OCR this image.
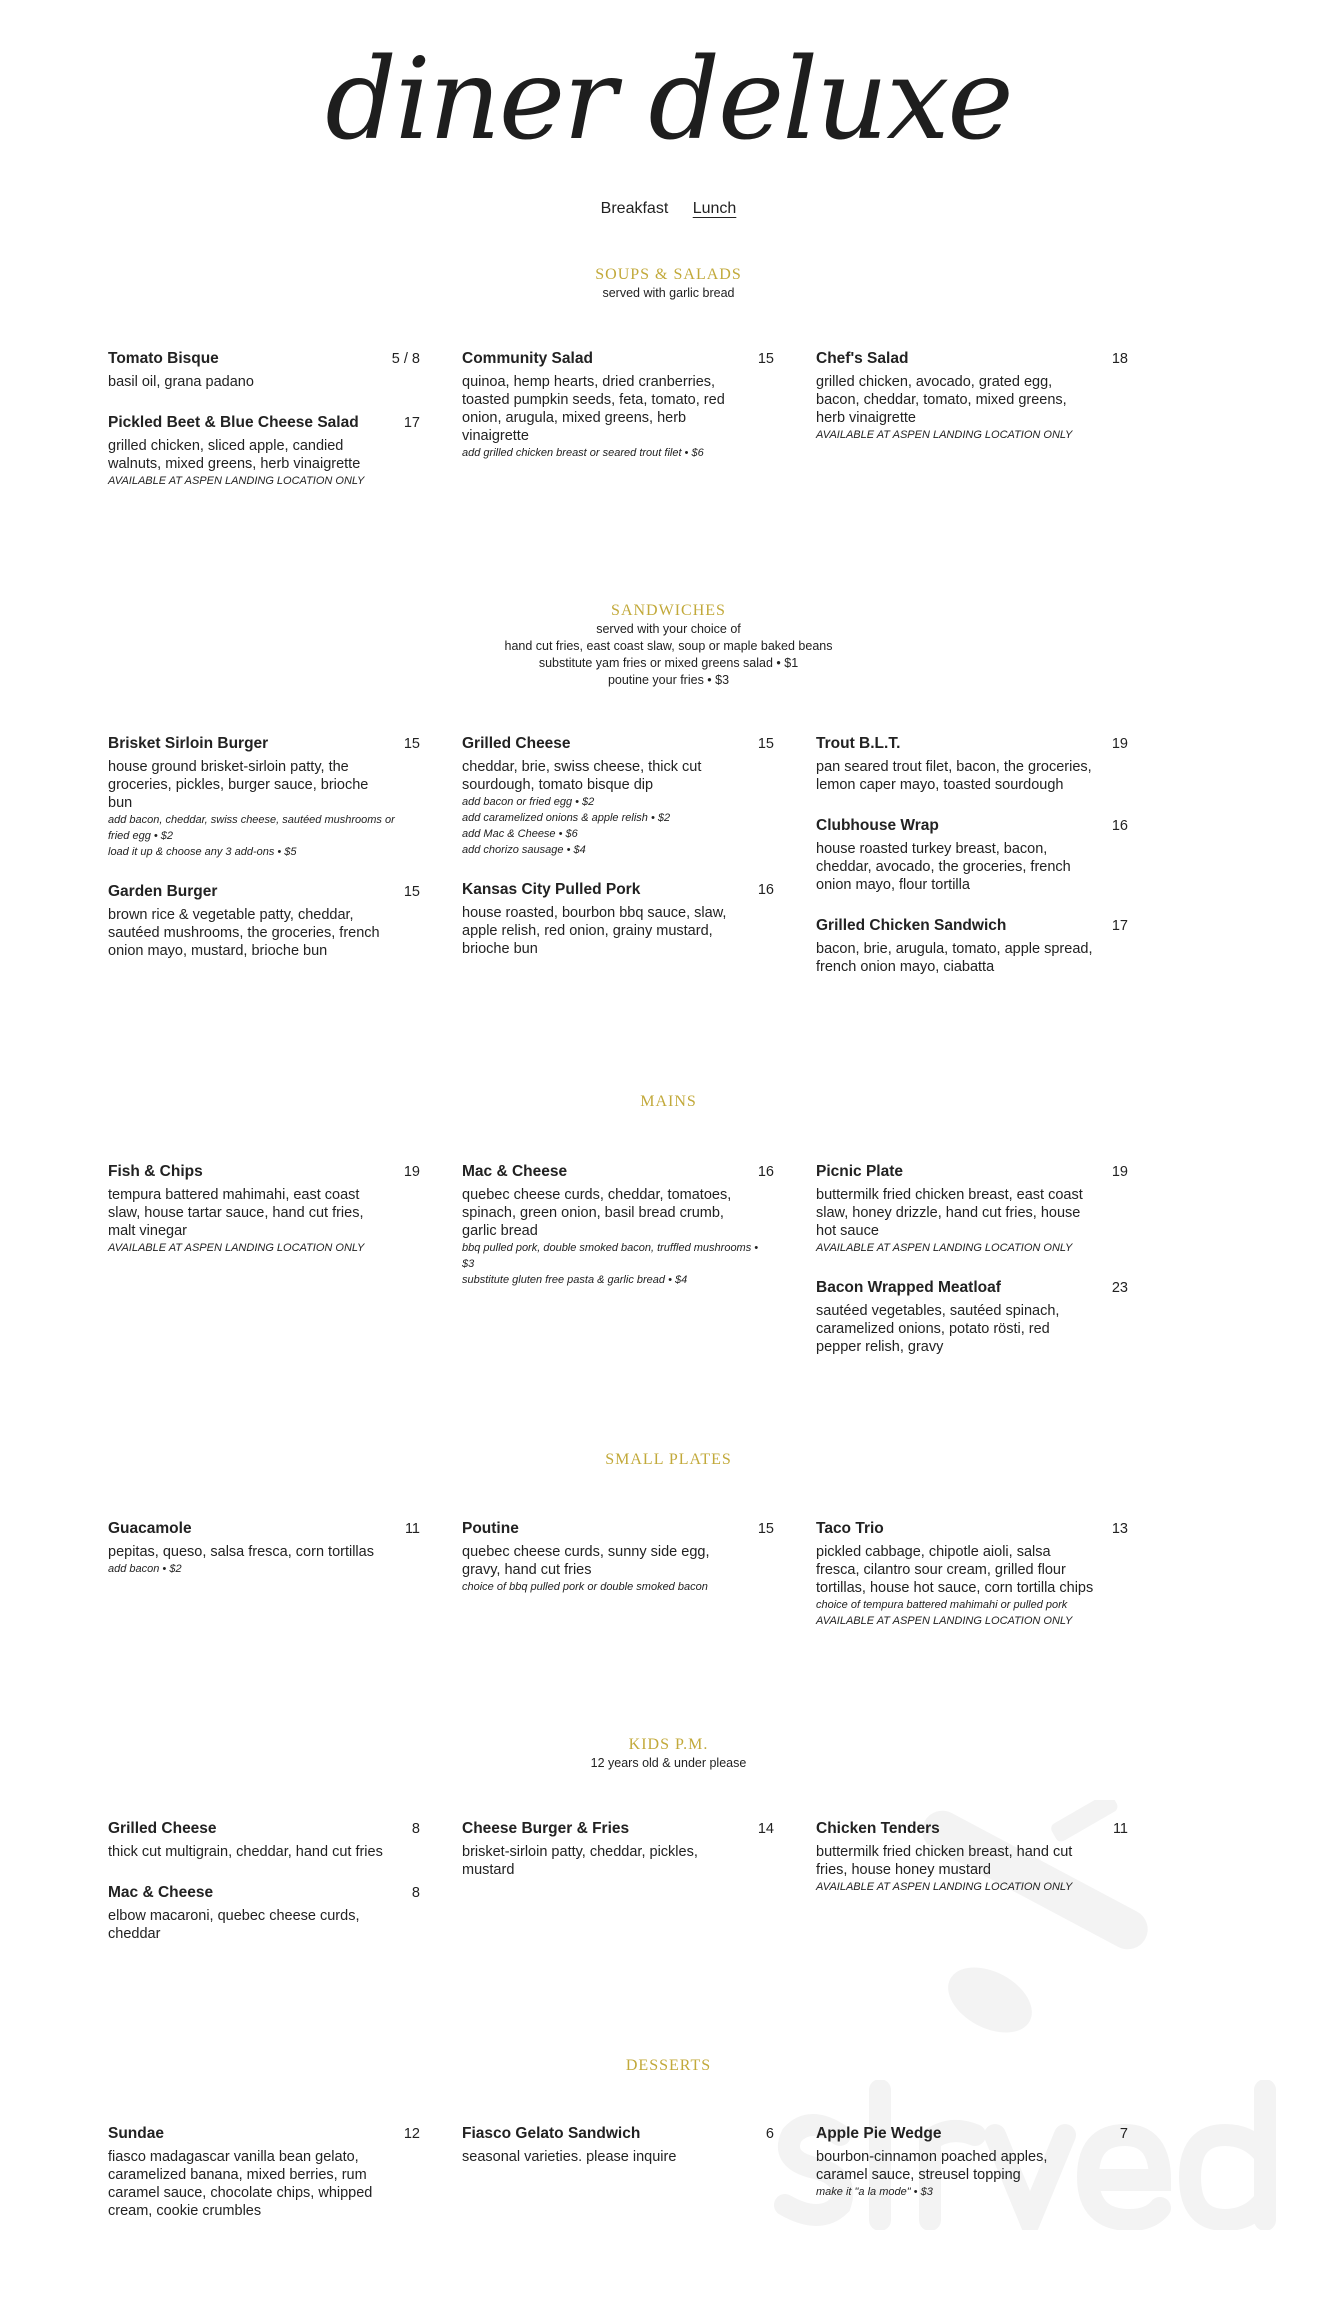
diner deluxe
Breakfast Lunch
SOUPS & SALADS
served with garlic bread
Tomato Bisque	5 / 8
basil oil, grana padano
Pickled Beet & Blue Cheese Salad	17
grilled chicken, sliced apple, candied walnuts, mixed greens, herb vinaigrette
AVAILABLE AT ASPEN LANDING LOCATION ONLY
Community Salad	15
quinoa, hemp hearts, dried cranberries, toasted pumpkin seeds, feta, tomato, red onion, arugula, mixed greens, herb vinaigrette
add grilled chicken breast or seared trout filet • $6
Chef's Salad	18
grilled chicken, avocado, grated egg, bacon, cheddar, tomato, mixed greens, herb vinaigrette
AVAILABLE AT ASPEN LANDING LOCATION ONLY
SANDWICHES
served with your choice of
hand cut fries, east coast slaw, soup or maple baked beans
substitute yam fries or mixed greens salad • $1
poutine your fries • $3
Brisket Sirloin Burger	15
house ground brisket-sirloin patty, the groceries, pickles, burger sauce, brioche bun
add bacon, cheddar, swiss cheese, sautéed mushrooms or fried egg • $2
load it up & choose any 3 add-ons • $5
Garden Burger	15
brown rice & vegetable patty, cheddar, sautéed mushrooms, the groceries, french onion mayo, mustard, brioche bun
Grilled Cheese	15
cheddar, brie, swiss cheese, thick cut sourdough, tomato bisque dip
add bacon or fried egg • $2
add caramelized onions & apple relish • $2
add Mac & Cheese • $6
add chorizo sausage • $4
Kansas City Pulled Pork	16
house roasted, bourbon bbq sauce, slaw, apple relish, red onion, grainy mustard, brioche bun
Trout B.L.T.	19
pan seared trout filet, bacon, the groceries, lemon caper mayo, toasted sourdough
Clubhouse Wrap	16
house roasted turkey breast, bacon, cheddar, avocado, the groceries, french onion mayo, flour tortilla
Grilled Chicken Sandwich	17
bacon, brie, arugula, tomato, apple spread, french onion mayo, ciabatta
MAINS
Fish & Chips	19
tempura battered mahimahi, east coast slaw, house tartar sauce, hand cut fries, malt vinegar
AVAILABLE AT ASPEN LANDING LOCATION ONLY
Mac & Cheese	16
quebec cheese curds, cheddar, tomatoes, spinach, green onion, basil bread crumb, garlic bread
bbq pulled pork, double smoked bacon, truffled mushrooms • $3
substitute gluten free pasta & garlic bread • $4
Picnic Plate	19
buttermilk fried chicken breast, east coast slaw, honey drizzle, hand cut fries, house hot sauce
AVAILABLE AT ASPEN LANDING LOCATION ONLY
Bacon Wrapped Meatloaf	23
sautéed vegetables, sautéed spinach, caramelized onions, potato rösti, red pepper relish, gravy
SMALL PLATES
Guacamole	11
pepitas, queso, salsa fresca, corn tortillas
add bacon • $2
Poutine	15
quebec cheese curds, sunny side egg, gravy, hand cut fries
choice of bbq pulled pork or double smoked bacon
Taco Trio	13
pickled cabbage, chipotle aioli, salsa fresca, cilantro sour cream, grilled flour tortillas, house hot sauce, corn tortilla chips
choice of tempura battered mahimahi or pulled pork
AVAILABLE AT ASPEN LANDING LOCATION ONLY
KIDS P.M.
12 years old & under please
Grilled Cheese	8
thick cut multigrain, cheddar, hand cut fries
Mac & Cheese	8
elbow macaroni, quebec cheese curds, cheddar
Cheese Burger & Fries	14
brisket-sirloin patty, cheddar, pickles, mustard
Chicken Tenders	11
buttermilk fried chicken breast, hand cut fries, house honey mustard
AVAILABLE AT ASPEN LANDING LOCATION ONLY
DESSERTS
Sundae	12
fiasco madagascar vanilla bean gelato, caramelized banana, mixed berries, rum caramel sauce, chocolate chips, whipped cream, cookie crumbles
Fiasco Gelato Sandwich	6
seasonal varieties. please inquire
Apple Pie Wedge	7
bourbon-cinnamon poached apples, caramel sauce, streusel topping
make it "a la mode" • $3
